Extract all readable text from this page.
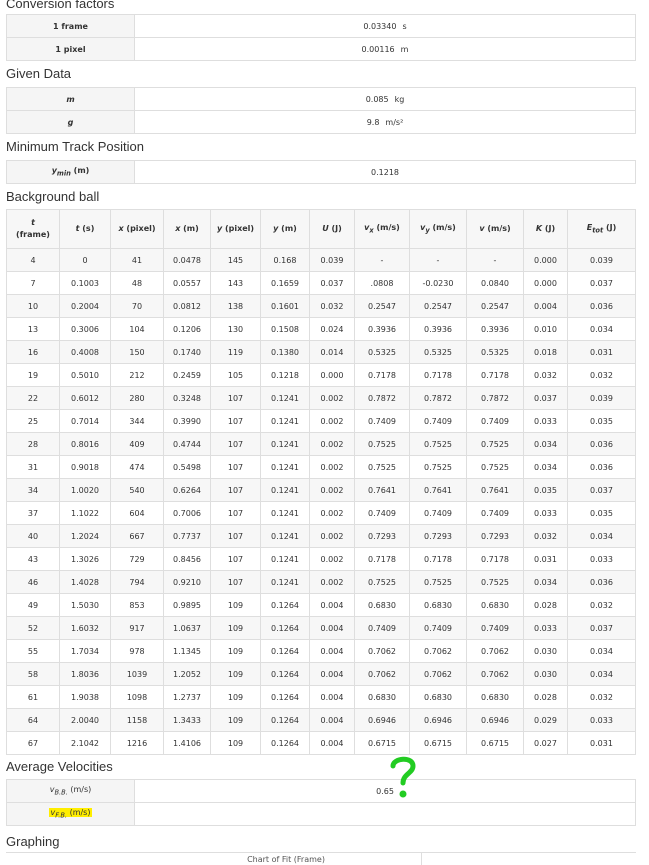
Conversion factors
1 frame	0.03340 s
1 pixel	0.00116 m
Given Data
m	0.085 kg
g	9.8 m/s²
Minimum Track Position
$y_{min}$ (m)	0.1218
Background ball
t
(frame)	t (s)	x (pixel)	x (m)	y (pixel)	y (m)	U (J)	$v_x$ (m/s)	$v_y$ (m/s)	v (m/s)	K (J)	$E_{tot}$ (J)
4	0	41	0.0478	145	0.168	0.039	-	-	-	0.000	0.039
7	0.1003	48	0.0557	143	0.1659	0.037	.0808	-0.0230	0.0840	0.000	0.037
10	0.2004	70	0.0812	138	0.1601	0.032	0.2547	0.2547	0.2547	0.004	0.036
13	0.3006	104	0.1206	130	0.1508	0.024	0.3936	0.3936	0.3936	0.010	0.034
16	0.4008	150	0.1740	119	0.1380	0.014	0.5325	0.5325	0.5325	0.018	0.031
19	0.5010	212	0.2459	105	0.1218	0.000	0.7178	0.7178	0.7178	0.032	0.032
22	0.6012	280	0.3248	107	0.1241	0.002	0.7872	0.7872	0.7872	0.037	0.039
25	0.7014	344	0.3990	107	0.1241	0.002	0.7409	0.7409	0.7409	0.033	0.035
28	0.8016	409	0.4744	107	0.1241	0.002	0.7525	0.7525	0.7525	0.034	0.036
31	0.9018	474	0.5498	107	0.1241	0.002	0.7525	0.7525	0.7525	0.034	0.036
34	1.0020	540	0.6264	107	0.1241	0.002	0.7641	0.7641	0.7641	0.035	0.037
37	1.1022	604	0.7006	107	0.1241	0.002	0.7409	0.7409	0.7409	0.033	0.035
40	1.2024	667	0.7737	107	0.1241	0.002	0.7293	0.7293	0.7293	0.032	0.034
43	1.3026	729	0.8456	107	0.1241	0.002	0.7178	0.7178	0.7178	0.031	0.033
46	1.4028	794	0.9210	107	0.1241	0.002	0.7525	0.7525	0.7525	0.034	0.036
49	1.5030	853	0.9895	109	0.1264	0.004	0.6830	0.6830	0.6830	0.028	0.032
52	1.6032	917	1.0637	109	0.1264	0.004	0.7409	0.7409	0.7409	0.033	0.037
55	1.7034	978	1.1345	109	0.1264	0.004	0.7062	0.7062	0.7062	0.030	0.034
58	1.8036	1039	1.2052	109	0.1264	0.004	0.7062	0.7062	0.7062	0.030	0.034
61	1.9038	1098	1.2737	109	0.1264	0.004	0.6830	0.6830	0.6830	0.028	0.032
64	2.0040	1158	1.3433	109	0.1264	0.004	0.6946	0.6946	0.6946	0.029	0.033
67	2.1042	1216	1.4106	109	0.1264	0.004	0.6715	0.6715	0.6715	0.027	0.031
Average Velocities
$v_{B.B.}$ (m/s)	0.65
$v_{F.B.}$ (m/s)	
Graphing
Chart of Fit (Frame)
